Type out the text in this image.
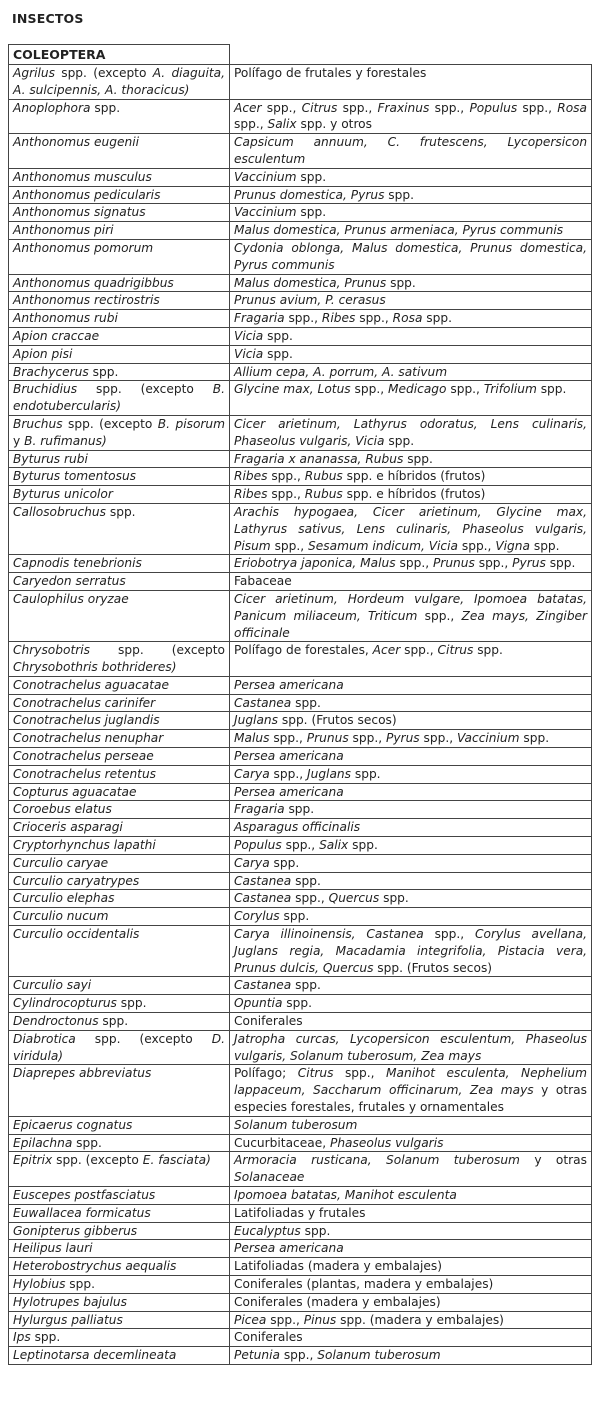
INSECTOS
COLEOPTERA
Agrilus spp. (excepto A. diaguita, A. sulcipennis, A. thoracicus)	Polífago de frutales y forestales
Anoplophora spp.	Acer spp., Citrus spp., Fraxinus spp., Populus spp., Rosa spp., Salix spp. y otros
Anthonomus eugenii	Capsicum annuum, C. frutescens, Lycopersicon esculentum
Anthonomus musculus	Vaccinium spp.
Anthonomus pedicularis	Prunus domestica, Pyrus spp.
Anthonomus signatus	Vaccinium spp.
Anthonomus piri	Malus domestica, Prunus armeniaca, Pyrus communis
Anthonomus pomorum	Cydonia oblonga, Malus domestica, Prunus domestica, Pyrus communis
Anthonomus quadrigibbus	Malus domestica, Prunus spp.
Anthonomus rectirostris	Prunus avium, P. cerasus
Anthonomus rubi	Fragaria spp., Ribes spp., Rosa spp.
Apion craccae	Vicia spp.
Apion pisi	Vicia spp.
Brachycerus spp.	Allium cepa, A. porrum, A. sativum
Bruchidius spp. (excepto B. endotubercularis)	Glycine max, Lotus spp., Medicago spp., Trifolium spp.
Bruchus spp. (excepto B. pisorum y B. rufimanus)	Cicer arietinum, Lathyrus odoratus, Lens culinaris, Phaseolus vulgaris, Vicia spp.
Byturus rubi	Fragaria x ananassa, Rubus spp.
Byturus tomentosus	Ribes spp., Rubus spp. e híbridos (frutos)
Byturus unicolor	Ribes spp., Rubus spp. e híbridos (frutos)
Callosobruchus spp.	Arachis hypogaea, Cicer arietinum, Glycine max, Lathyrus sativus, Lens culinaris, Phaseolus vulgaris, Pisum spp., Sesamum indicum, Vicia spp., Vigna spp.
Capnodis tenebrionis	Eriobotrya japonica, Malus spp., Prunus spp., Pyrus spp.
Caryedon serratus	Fabaceae
Caulophilus oryzae	Cicer arietinum, Hordeum vulgare, Ipomoea batatas, Panicum miliaceum, Triticum spp., Zea mays, Zingiber officinale
Chrysobotris spp. (excepto Chrysobothris bothrideres)	Polífago de forestales, Acer spp., Citrus spp.
Conotrachelus aguacatae	Persea americana
Conotrachelus carinifer	Castanea spp.
Conotrachelus juglandis	Juglans spp. (Frutos secos)
Conotrachelus nenuphar	Malus spp., Prunus spp., Pyrus spp., Vaccinium spp.
Conotrachelus perseae	Persea americana
Conotrachelus retentus	Carya spp., Juglans spp.
Copturus aguacatae	Persea americana
Coroebus elatus	Fragaria spp.
Crioceris asparagi	Asparagus officinalis
Cryptorhynchus lapathi	Populus spp., Salix spp.
Curculio caryae	Carya spp.
Curculio caryatrypes	Castanea spp.
Curculio elephas	Castanea spp., Quercus spp.
Curculio nucum	Corylus spp.
Curculio occidentalis	Carya illinoinensis, Castanea spp., Corylus avellana, Juglans regia, Macadamia integrifolia, Pistacia vera, Prunus dulcis, Quercus spp. (Frutos secos)
Curculio sayi	Castanea spp.
Cylindrocopturus spp.	Opuntia spp.
Dendroctonus spp.	Coniferales
Diabrotica spp. (excepto D. viridula)	Jatropha curcas, Lycopersicon esculentum, Phaseolus vulgaris, Solanum tuberosum, Zea mays
Diaprepes abbreviatus	Polífago; Citrus spp., Manihot esculenta, Nephelium lappaceum, Saccharum officinarum, Zea mays y otras especies forestales, frutales y ornamentales
Epicaerus cognatus	Solanum tuberosum
Epilachna spp.	Cucurbitaceae, Phaseolus vulgaris
Epitrix spp. (excepto E. fasciata)	Armoracia rusticana, Solanum tuberosum y otras Solanaceae
Euscepes postfasciatus	Ipomoea batatas, Manihot esculenta
Euwallacea formicatus	Latifoliadas y frutales
Gonipterus gibberus	Eucalyptus spp.
Heilipus lauri	Persea americana
Heterobostrychus aequalis	Latifoliadas (madera y embalajes)
Hylobius spp.	Coniferales (plantas, madera y embalajes)
Hylotrupes bajulus	Coniferales (madera y embalajes)
Hylurgus palliatus	Picea spp., Pinus spp. (madera y embalajes)
Ips spp.	Coniferales
Leptinotarsa decemlineata	Petunia spp., Solanum tuberosum
